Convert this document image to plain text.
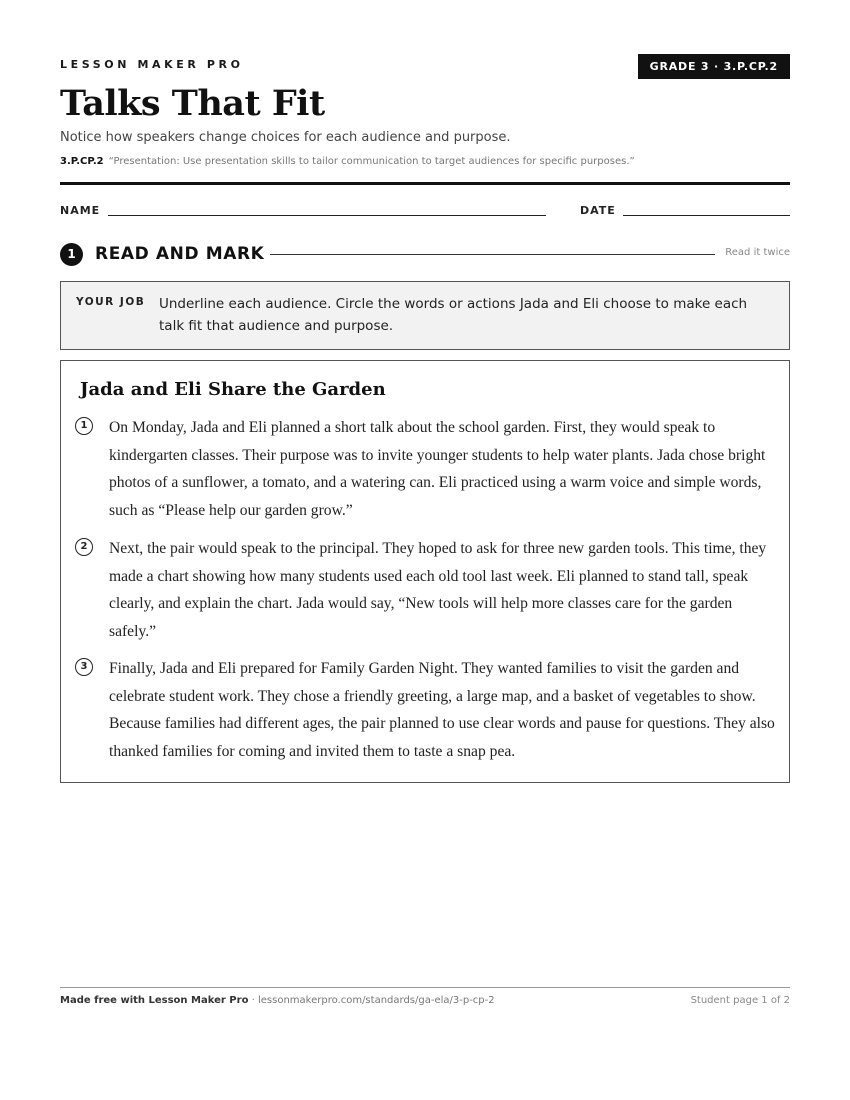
LESSON MAKER PRO	GRADE 3 · 3.P.CP.2
Talks That Fit
Notice how speakers change choices for each audience and purpose.
3.P.CP.2 “Presentation: Use presentation skills to tailor communication to target audiences for specific purposes.”
NAME	DATE
1	READ AND MARK	Read it twice
YOUR JOB Underline each audience. Circle the words or actions Jada and Eli choose to make each talk fit that audience and purpose.
Jada and Eli Share the Garden
1	On Monday, Jada and Eli planned a short talk about the school garden. First, they would speak to kindergarten classes. Their purpose was to invite younger students to help water plants. Jada chose bright photos of a sunflower, a tomato, and a watering can. Eli practiced using a warm voice and simple words, such as “Please help our garden grow.”

2	Next, the pair would speak to the principal. They hoped to ask for three new garden tools. This time, they made a chart showing how many students used each old tool last week. Eli planned to stand tall, speak clearly, and explain the chart. Jada would say, “New tools will help more classes care for the garden safely.”

3	Finally, Jada and Eli prepared for Family Garden Night. They wanted families to visit the garden and celebrate student work. They chose a friendly greeting, a large map, and a basket of vegetables to show. Because families had different ages, the pair planned to use clear words and pause for questions. They also thanked families for coming and invited them to taste a snap pea.

Made free with Lesson Maker Pro · lessonmakerpro.com/standards/ga-ela/3-p-cp-2	Student page 1 of 2
